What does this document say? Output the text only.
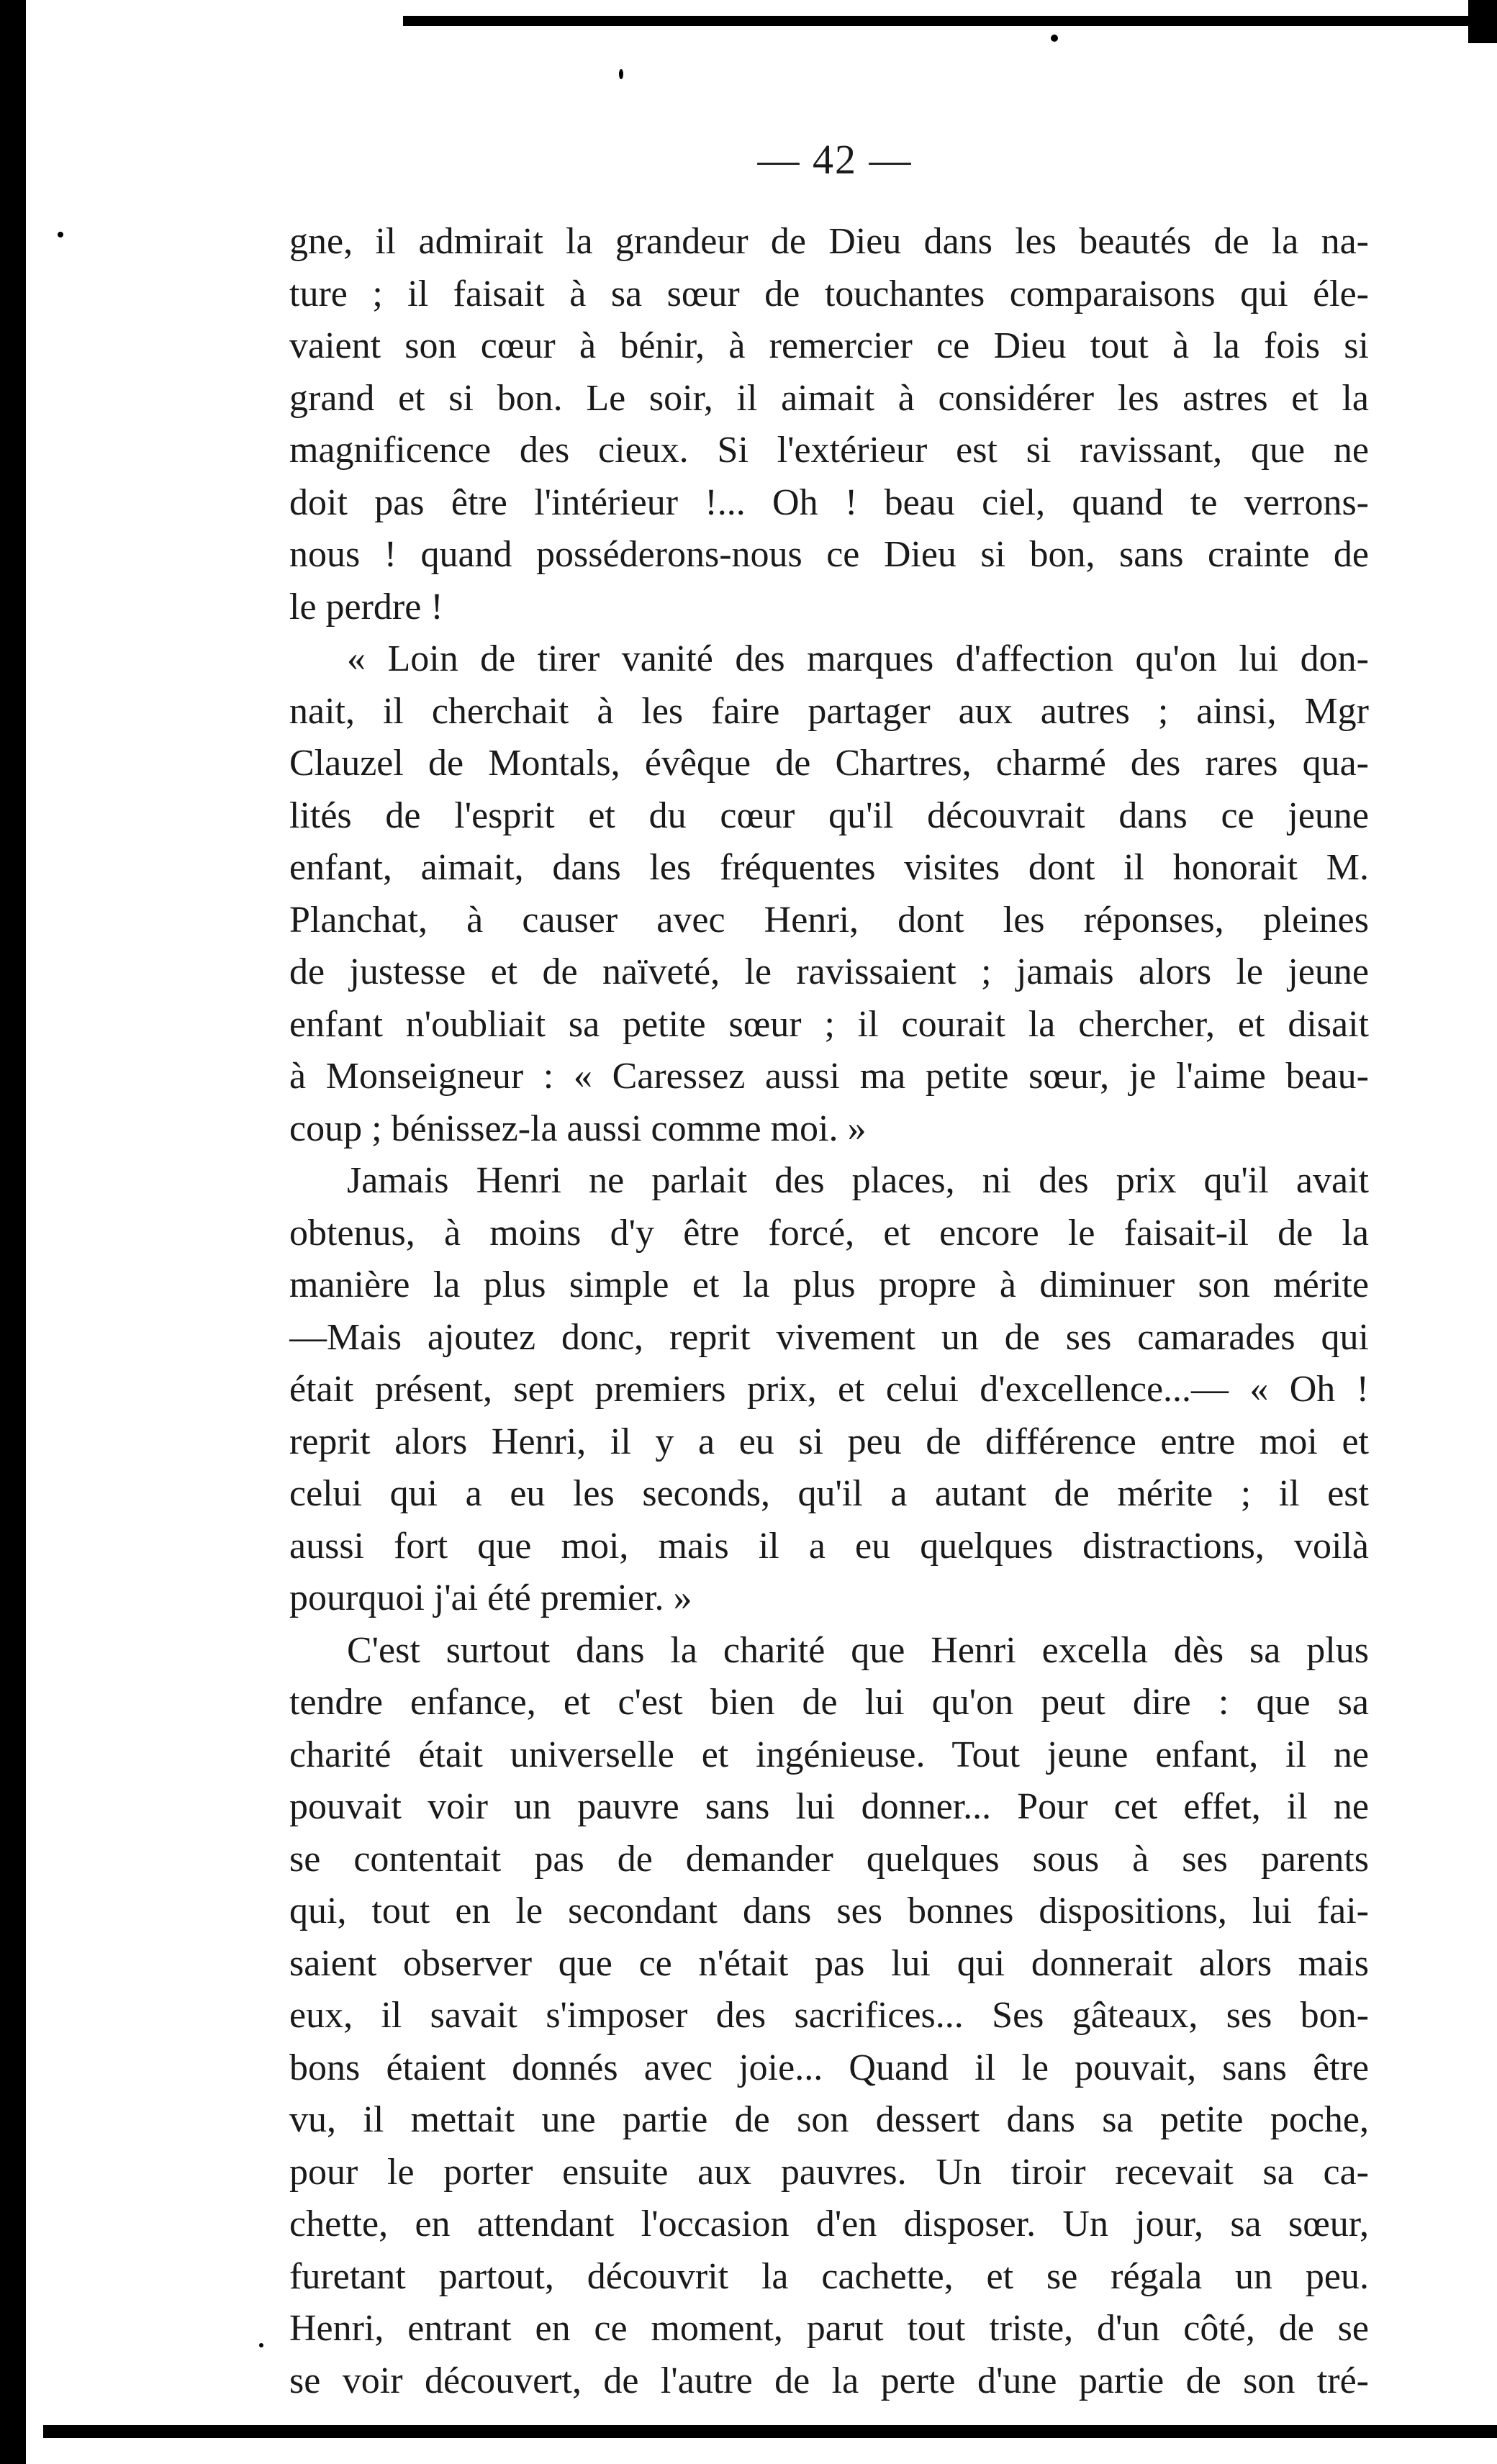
— 42 —
gne, il admirait la grandeur de Dieu dans les beautés de la na-
ture ; il faisait à sa sœur de touchantes comparaisons qui éle-
vaient son cœur à bénir, à remercier ce Dieu tout à la fois si
grand et si bon. Le soir, il aimait à considérer les astres et la
magnificence des cieux. Si l'extérieur est si ravissant, que ne
doit pas être l'intérieur !... Oh ! beau ciel, quand te verrons-
nous ! quand posséderons-nous ce Dieu si bon, sans crainte de
le perdre !
« Loin de tirer vanité des marques d'affection qu'on lui don-
nait, il cherchait à les faire partager aux autres ; ainsi, Mgr
Clauzel de Montals, évêque de Chartres, charmé des rares qua-
lités de l'esprit et du cœur qu'il découvrait dans ce jeune
enfant, aimait, dans les fréquentes visites dont il honorait M.
Planchat, à causer avec Henri, dont les réponses, pleines
de justesse et de naïveté, le ravissaient ; jamais alors le jeune
enfant n'oubliait sa petite sœur ; il courait la chercher, et disait
à Monseigneur : « Caressez aussi ma petite sœur, je l'aime beau-
coup ; bénissez-la aussi comme moi. »
Jamais Henri ne parlait des places, ni des prix qu'il avait
obtenus, à moins d'y être forcé, et encore le faisait-il de la
manière la plus simple et la plus propre à diminuer son mérite
—Mais ajoutez donc, reprit vivement un de ses camarades qui
était présent, sept premiers prix, et celui d'excellence...— « Oh !
reprit alors Henri, il y a eu si peu de différence entre moi et
celui qui a eu les seconds, qu'il a autant de mérite ; il est
aussi fort que moi, mais il a eu quelques distractions, voilà
pourquoi j'ai été premier. »
C'est surtout dans la charité que Henri excella dès sa plus
tendre enfance, et c'est bien de lui qu'on peut dire : que sa
charité était universelle et ingénieuse. Tout jeune enfant, il ne
pouvait voir un pauvre sans lui donner... Pour cet effet, il ne
se contentait pas de demander quelques sous à ses parents
qui, tout en le secondant dans ses bonnes dispositions, lui fai-
saient observer que ce n'était pas lui qui donnerait alors mais
eux, il savait s'imposer des sacrifices... Ses gâteaux, ses bon-
bons étaient donnés avec joie... Quand il le pouvait, sans être
vu, il mettait une partie de son dessert dans sa petite poche,
pour le porter ensuite aux pauvres. Un tiroir recevait sa ca-
chette, en attendant l'occasion d'en disposer. Un jour, sa sœur,
furetant partout, découvrit la cachette, et se régala un peu.
Henri, entrant en ce moment, parut tout triste, d'un côté, de se
se voir découvert, de l'autre de la perte d'une partie de son tré-
